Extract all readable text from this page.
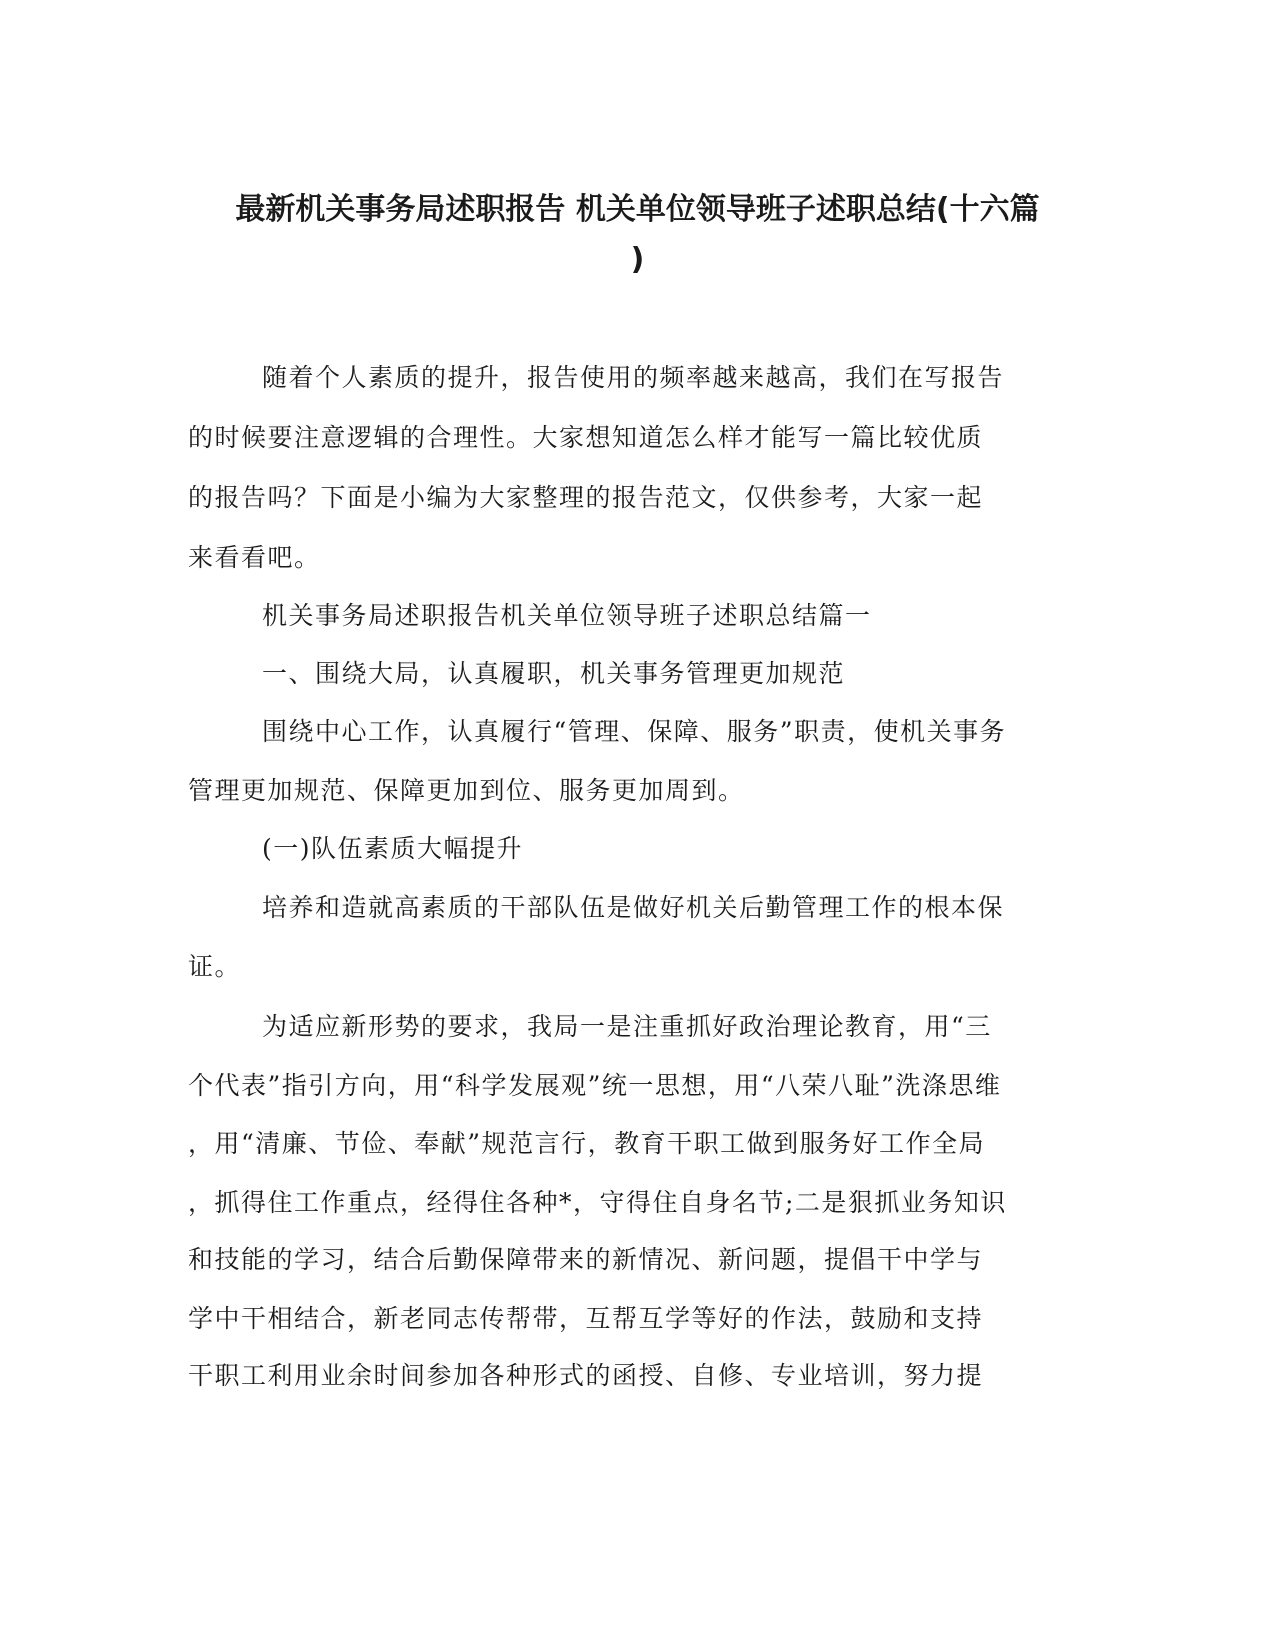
最新机关事务局述职报告 机关单位领导班子述职总结(十六篇
)
随着个人素质的提升，报告使用的频率越来越高，我们在写报告
的时候要注意逻辑的合理性。大家想知道怎么样才能写一篇比较优质
的报告吗？下面是小编为大家整理的报告范文，仅供参考，大家一起
来看看吧。
机关事务局述职报告机关单位领导班子述职总结篇一
一、围绕大局，认真履职，机关事务管理更加规范
围绕中心工作，认真履行“管理、保障、服务”职责，使机关事务
管理更加规范、保障更加到位、服务更加周到。
(一)队伍素质大幅提升
培养和造就高素质的干部队伍是做好机关后勤管理工作的根本保
证。
为适应新形势的要求，我局一是注重抓好政治理论教育，用“三
个代表”指引方向，用“科学发展观”统一思想，用“八荣八耻”洗涤思维
，用“清廉、节俭、奉献”规范言行，教育干职工做到服务好工作全局
，抓得住工作重点，经得住各种*，守得住自身名节;二是狠抓业务知识
和技能的学习，结合后勤保障带来的新情况、新问题，提倡干中学与
学中干相结合，新老同志传帮带，互帮互学等好的作法，鼓励和支持
干职工利用业余时间参加各种形式的函授、自修、专业培训，努力提
